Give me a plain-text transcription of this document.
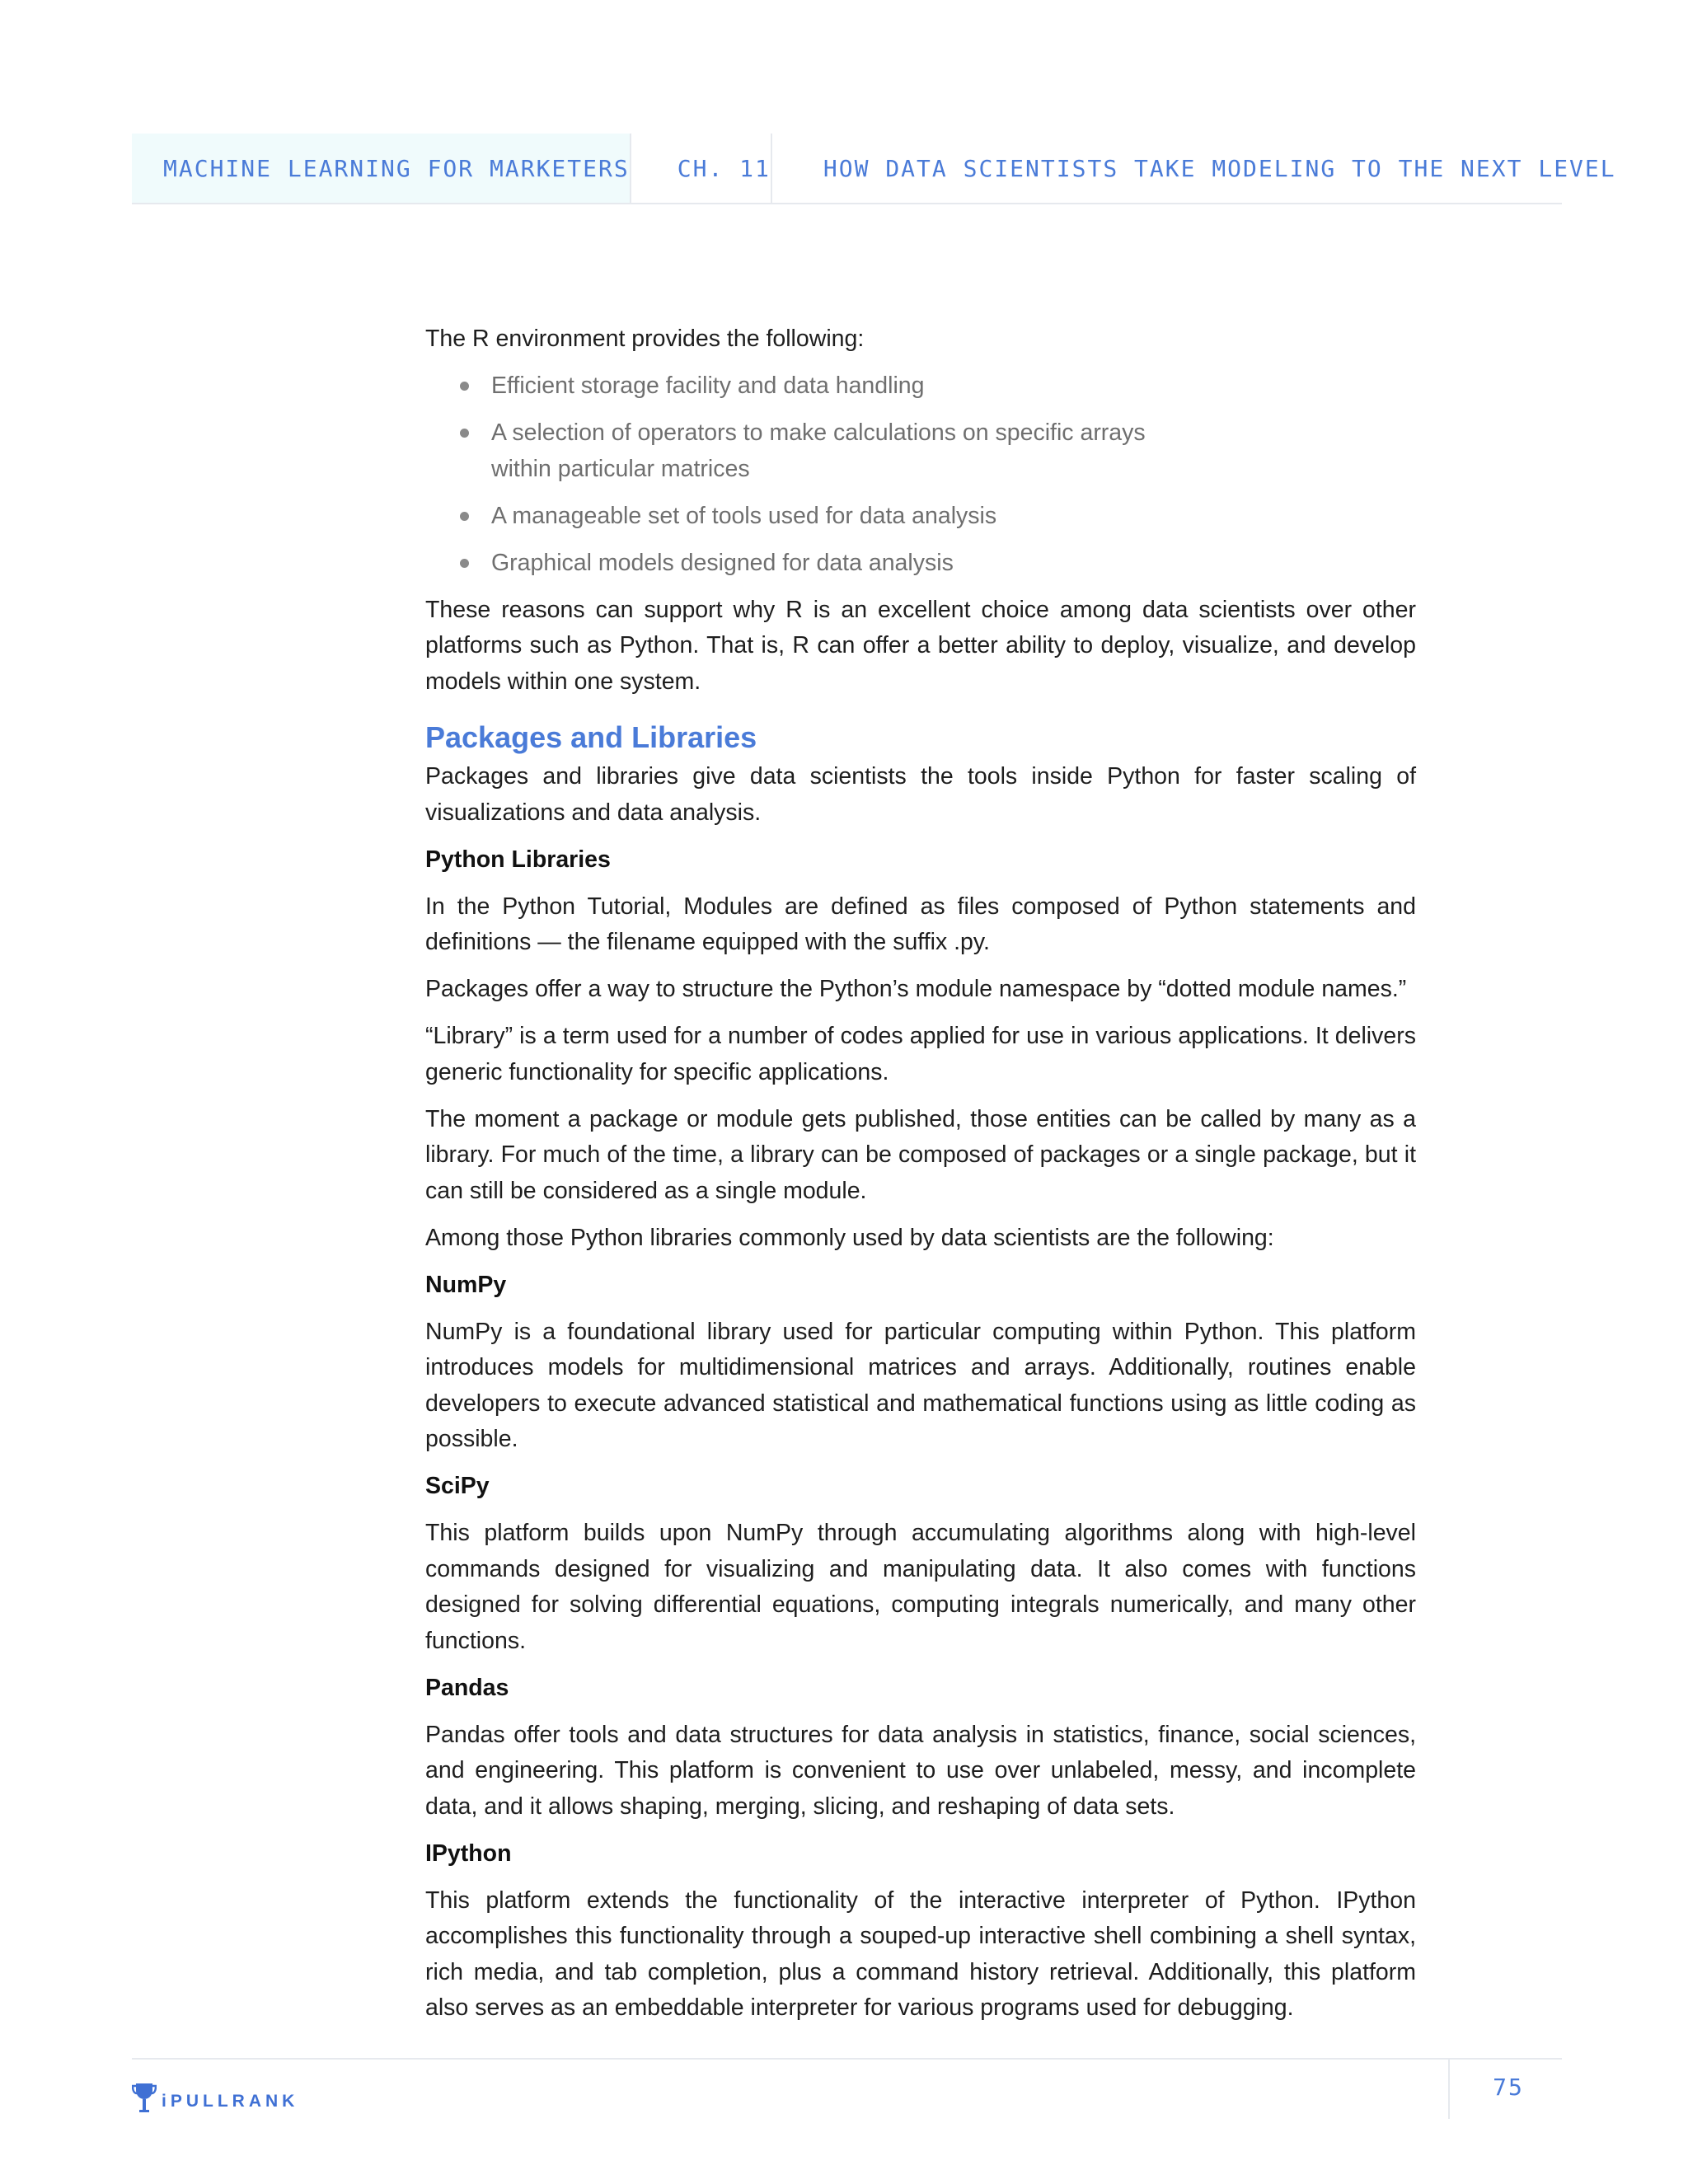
MACHINE LEARNING FOR MARKETERS	CH. 11	HOW DATA SCIENTISTS TAKE MODELING TO THE NEXT LEVEL

The R environment provides the following:

Efficient storage facility and data handling
A selection of operators to make calculations on specific arrays
within particular matrices
A manageable set of tools used for data analysis
Graphical models designed for data analysis

These reasons can support why R is an excellent choice among data scientists over other platforms such as Python. That is, R can offer a better ability to deploy, visualize, and develop models within one system.

Packages and Libraries

Packages and libraries give data scientists the tools inside Python for faster scaling of visualizations and data analysis.

Python Libraries

In the Python Tutorial, Modules are defined as files composed of Python statements and definitions — the filename equipped with the suffix .py.

Packages offer a way to structure the Python’s module namespace by “dotted module names.”

“Library” is a term used for a number of codes applied for use in various applications. It delivers generic functionality for specific applications.

The moment a package or module gets published, those entities can be called by many as a library. For much of the time, a library can be composed of packages or a single package, but it can still be considered as a single module.

Among those Python libraries commonly used by data scientists are the following:

NumPy

NumPy is a foundational library used for particular computing within Python. This platform introduces models for multidimensional matrices and arrays. Additionally, routines enable developers to execute advanced statistical and mathematical functions using as little coding as possible.

SciPy

This platform builds upon NumPy through accumulating algorithms along with high-level commands designed for visualizing and manipulating data. It also comes with functions designed for solving differential equations, computing integrals numerically, and many other functions.

Pandas

Pandas offer tools and data structures for data analysis in statistics, finance, social sciences, and engineering. This platform is convenient to use over unlabeled, messy, and incomplete data, and it allows shaping, merging, slicing, and reshaping of data sets.

IPython

This platform extends the functionality of the interactive interpreter of Python. IPython accomplishes this functionality through a souped-up interactive shell combining a shell syntax, rich media, and tab completion, plus a command history retrieval. Additionally, this platform also serves as an embeddable interpreter for various programs used for debugging.

iPULLRANK
75
